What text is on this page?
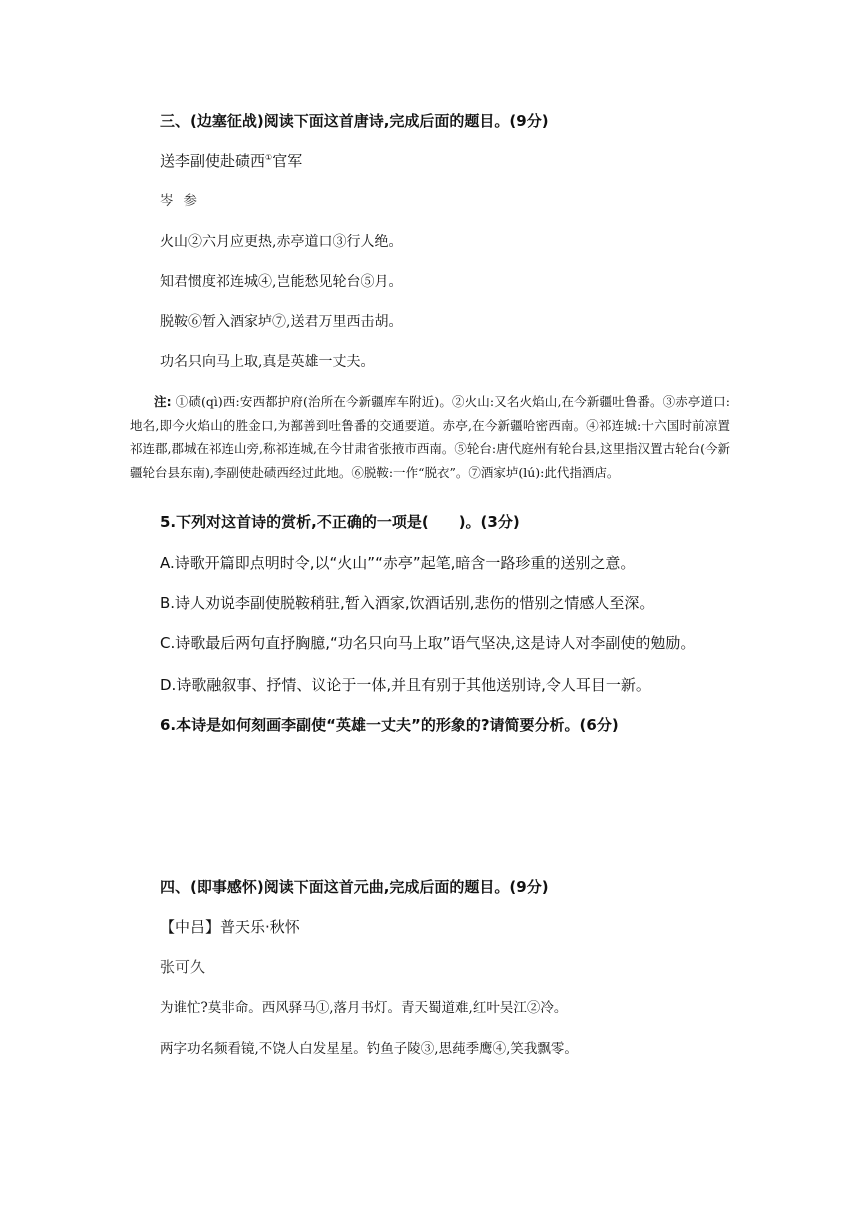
三、(边塞征战)阅读下面这首唐诗,完成后面的题目。(9分)
送李副使赴碛西①官军
岑参
火山②六月应更热,赤亭道口③行人绝。
知君惯度祁连城④,岂能愁见轮台⑤月。
脱鞍⑥暂入酒家垆⑦,送君万里西击胡。
功名只向马上取,真是英雄一丈夫。
注: ①碛(qì)西:安西都护府(治所在今新疆库车附近)。②火山:又名火焰山,在今新疆吐鲁番。③赤亭道口:地名,即今火焰山的胜金口,为鄯善到吐鲁番的交通要道。赤亭,在今新疆哈密西南。④祁连城:十六国时前凉置祁连郡,郡城在祁连山旁,称祁连城,在今甘肃省张掖市西南。⑤轮台:唐代庭州有轮台县,这里指汉置古轮台(今新疆轮台县东南),李副使赴碛西经过此地。⑥脱鞍:一作“脱衣”。⑦酒家垆(lú):此代指酒店。
5.下列对这首诗的赏析,不正确的一项是(　　)。(3分)
A.诗歌开篇即点明时令,以“火山”“赤亭”起笔,暗含一路珍重的送别之意。
B.诗人劝说李副使脱鞍稍驻,暂入酒家,饮酒话别,悲伤的惜别之情感人至深。
C.诗歌最后两句直抒胸臆,“功名只向马上取”语气坚决,这是诗人对李副使的勉励。
D.诗歌融叙事、抒情、议论于一体,并且有别于其他送别诗,令人耳目一新。
6.本诗是如何刻画李副使“英雄一丈夫”的形象的?请简要分析。(6分)
四、(即事感怀)阅读下面这首元曲,完成后面的题目。(9分)
【中吕】普天乐·秋怀
张可久
为谁忙?莫非命。西风驿马①,落月书灯。青天蜀道难,红叶吴江②冷。
两字功名频看镜,不饶人白发星星。钓鱼子陵③,思莼季鹰④,笑我飘零。
